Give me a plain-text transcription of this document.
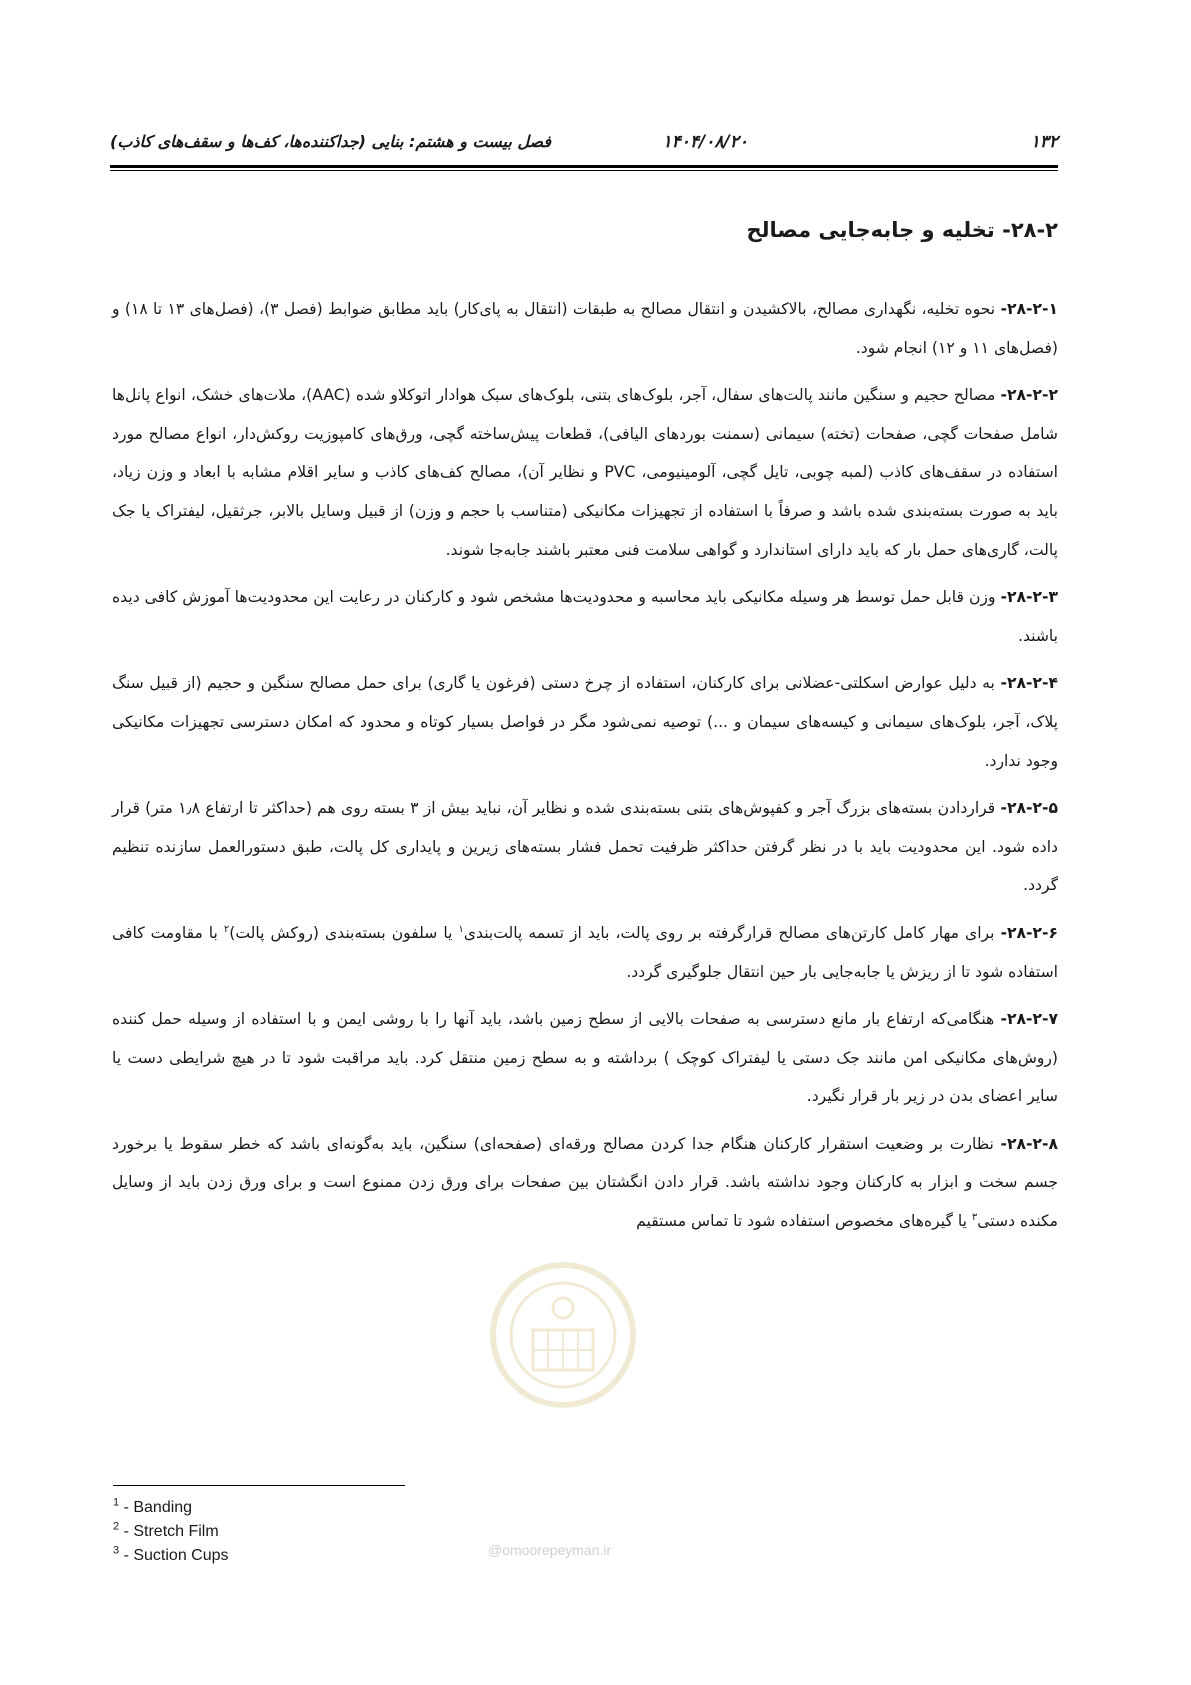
۱۳۲
۱۴۰۴/۰۸/۲۰
فصل بیست و هشتم: بنایی (جداکننده‌ها، کف‌ها و سقف‌های کاذب)
۲۸-۲- تخلیه و جابه‌جایی مصالح

۲۸-۲-۱- نحوه تخلیه، نگهداری مصالح، بالاکشیدن و انتقال مصالح به طبقات (انتقال به پای‌کار) باید مطابق ضوابط (فصل ۳)، (فصل‌های ۱۳ تا ۱۸) و (فصل‌های ۱۱ و ۱۲) انجام شود.

۲۸-۲-۲- مصالح حجیم و سنگین مانند پالت‌های سفال، آجر، بلوک‌های بتنی، بلوک‌های سبک هوادار اتوکلاو شده (AAC)، ملات‌های خشک، انواع پانل‌ها شامل صفحات گچی، صفحات (تخته) سیمانی (سمنت بوردهای الیافی)، قطعات پیش‌ساخته گچی، ورق‌های کامپوزیت روکش‌دار، انواع مصالح مورد استفاده در سقف‌های کاذب (لمبه چوبی، تایل گچی، آلومینیومی، PVC و نظایر آن)، مصالح کف‌های کاذب و سایر اقلام مشابه با ابعاد و وزن زیاد، باید به صورت بسته‌بندی شده باشد و صرفاً با استفاده از تجهیزات مکانیکی (متناسب با حجم و وزن) از قبیل وسایل بالابر، جرثقیل، لیفتراک یا جک پالت، گاری‌های حمل بار که باید دارای استاندارد و گواهی سلامت فنی معتبر باشند جابه‌جا شوند.

۲۸-۲-۳- وزن قابل حمل توسط هر وسیله مکانیکی باید محاسبه و محدودیت‌ها مشخص شود و کارکنان در رعایت این محدودیت‌ها آموزش کافی دیده باشند.

۲۸-۲-۴- به دلیل عوارض اسکلتی-عضلانی برای کارکنان، استفاده از چرخ دستی (فرغون یا گاری) برای حمل مصالح سنگین و حجیم (از قبیل سنگ پلاک، آجر، بلوک‌های سیمانی و کیسه‌های سیمان و ...) توصیه نمی‌شود مگر در فواصل بسیار کوتاه و محدود که امکان دسترسی تجهیزات مکانیکی وجود ندارد.

۲۸-۲-۵- قراردادن بسته‌های بزرگ آجر و کفپوش‌های بتنی بسته‌بندی شده و نظایر آن، نباید بیش از ۳ بسته روی هم (حداکثر تا ارتفاع ۱٫۸ متر) قرار داده شود. این محدودیت باید با در نظر گرفتن حداکثر ظرفیت تحمل فشار بسته‌های زیرین و پایداری کل پالت، طبق دستورالعمل سازنده تنظیم گردد.

۲۸-۲-۶- برای مهار کامل کارتن‌های مصالح قرارگرفته بر روی پالت، باید از تسمه پالت‌بندی$^۱$ یا سلفون بسته‌بندی (روکش پالت)$^۲$ با مقاومت کافی استفاده شود تا از ریزش یا جابه‌جایی بار حین انتقال جلوگیری گردد.

۲۸-۲-۷- هنگامی‌که ارتفاع بار مانع دسترسی به صفحات بالایی از سطح زمین باشد، باید آنها را با روشی ایمن و با استفاده از وسیله حمل کننده (روش‌های مکانیکی امن مانند جک دستی یا لیفتراک کوچک ) برداشته و به سطح زمین منتقل کرد. باید مراقبت شود تا در هیچ شرایطی دست یا سایر اعضای بدن در زیر بار قرار نگیرد.

۲۸-۲-۸- نظارت بر وضعیت استقرار کارکنان هنگام جدا کردن مصالح ورقه‌ای (صفحه‌ای) سنگین، باید به‌گونه‌ای باشد که خطر سقوط یا برخورد جسم سخت و ابزار به کارکنان وجود نداشته باشد. قرار دادن انگشتان بین صفحات برای ورق زدن ممنوع است و برای ورق زدن باید از وسایل مکنده دستی$^۳$ یا گیره‌های مخصوص استفاده شود تا تماس مستقیم

@omoorepeyman.ir
$^1$ - Banding
$^2$ - Stretch Film
$^3$ - Suction Cups
